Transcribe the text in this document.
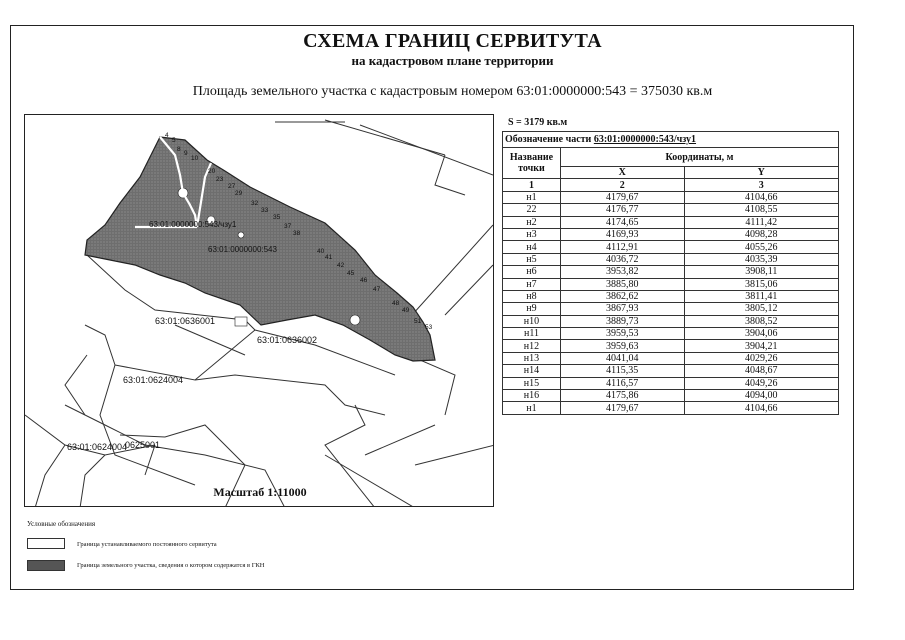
СХЕМА ГРАНИЦ СЕРВИТУТА
на кадастровом плане территории
Площадь земельного участка с кадастровым номером 63:01:0000000:543 = 375030 кв.м
4
5
8
9
10
20
23
27
29
32
33
35
37
38
40
41
42
45
46
47
48
49
51
53
63:01:0000000:543/чзу1
63:01:0000000:543
63:01:0636001
63:01:0636002
63:01:0624004
63:01:0624004
0625001
Масштаб 1:11000
S = 3179 кв.м
Обозначение части 63:01:0000000:543/чзу1		
Название точки	Координаты, м	
	X	Y
1	2	3
н1	4179,67	4104,66
22	4176,77	4108,55
н2	4174,65	4111,42
н3	4169,93	4098,28
н4	4112,91	4055,26
н5	4036,72	4035,39
н6	3953,82	3908,11
н7	3885,80	3815,06
н8	3862,62	3811,41
н9	3867,93	3805,12
н10	3889,73	3808,52
н11	3959,53	3904,06
н12	3959,63	3904,21
н13	4041,04	4029,26
н14	4115,35	4048,67
н15	4116,57	4049,26
н16	4175,86	4094,00
н1	4179,67	4104,66
Условные обозначения
Граница устанавливаемого постоянного сервитута
Граница земельного участка, сведения о котором содержатся в ГКН
